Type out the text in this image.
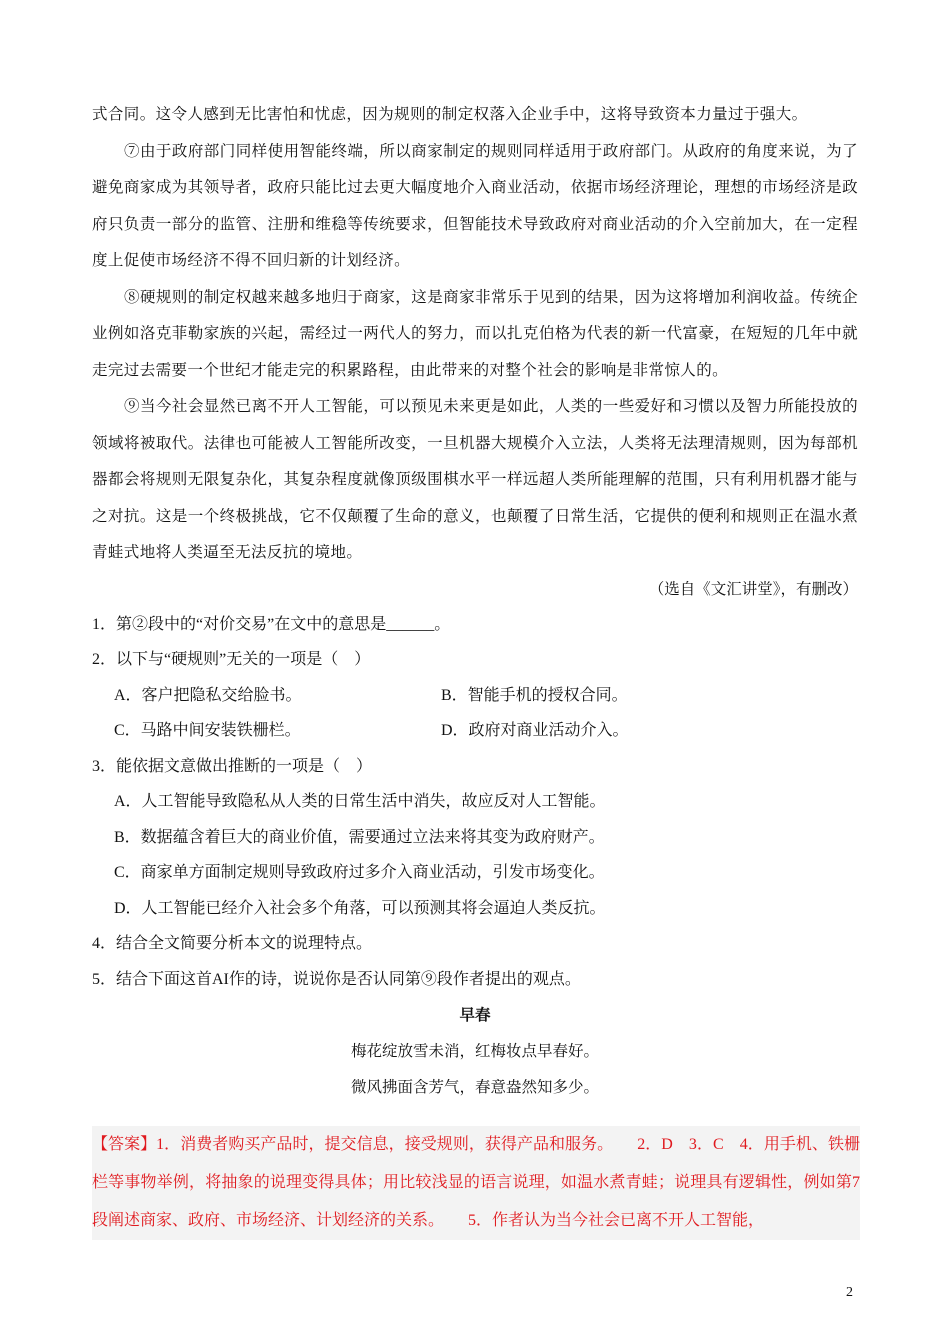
式合同。这令人感到无比害怕和忧虑，因为规则的制定权落入企业手中，这将导致资本力量过于强大。

⑦由于政府部门同样使用智能终端，所以商家制定的规则同样适用于政府部门。从政府的角度来说，为了避免商家成为其领导者，政府只能比过去更大幅度地介入商业活动，依据市场经济理论，理想的市场经济是政府只负责一部分的监管、注册和维稳等传统要求，但智能技术导致政府对商业活动的介入空前加大，在一定程度上促使市场经济不得不回归新的计划经济。

⑧硬规则的制定权越来越多地归于商家，这是商家非常乐于见到的结果，因为这将增加利润收益。传统企业例如洛克菲勒家族的兴起，需经过一两代人的努力，而以扎克伯格为代表的新一代富豪，在短短的几年中就走完过去需要一个世纪才能走完的积累路程，由此带来的对整个社会的影响是非常惊人的。

⑨当今社会显然已离不开人工智能，可以预见未来更是如此，人类的一些爱好和习惯以及智力所能投放的领域将被取代。法律也可能被人工智能所改变，一旦机器大规模介入立法，人类将无法理清规则，因为每部机器都会将规则无限复杂化，其复杂程度就像顶级围棋水平一样远超人类所能理解的范围，只有利用机器才能与之对抗。这是一个终极挑战，它不仅颠覆了生命的意义，也颠覆了日常生活，它提供的便利和规则正在温水煮青蛙式地将人类逼至无法反抗的境地。

（选自《文汇讲堂》，有删改）

1．第②段中的“对价交易”在文中的意思是______。

2．以下与“硬规则”无关的一项是（　）

A．客户把隐私交给脸书。	B．智能手机的授权合同。
C．马路中间安装铁栅栏。	D．政府对商业活动介入。

3．能依据文意做出推断的一项是（　）

A．人工智能导致隐私从人类的日常生活中消失，故应反对人工智能。

B．数据蕴含着巨大的商业价值，需要通过立法来将其变为政府财产。

C．商家单方面制定规则导致政府过多介入商业活动，引发市场变化。

D．人工智能已经介入社会多个角落，可以预测其将会逼迫人类反抗。

4．结合全文简要分析本文的说理特点。

5．结合下面这首AI作的诗，说说你是否认同第⑨段作者提出的观点。

早春

梅花绽放雪未消，红梅妆点早春好。

微风拂面含芳气，春意盎然知多少。

【答案】1．消费者购买产品时，提交信息，接受规则，获得产品和服务。　　2．D　3．C　4．用手机、铁栅栏等事物举例，将抽象的说理变得具体；用比较浅显的语言说理，如温水煮青蛙；说理具有逻辑性，例如第7段阐述商家、政府、市场经济、计划经济的关系。　　5．作者认为当今社会已离不开人工智能，
2
